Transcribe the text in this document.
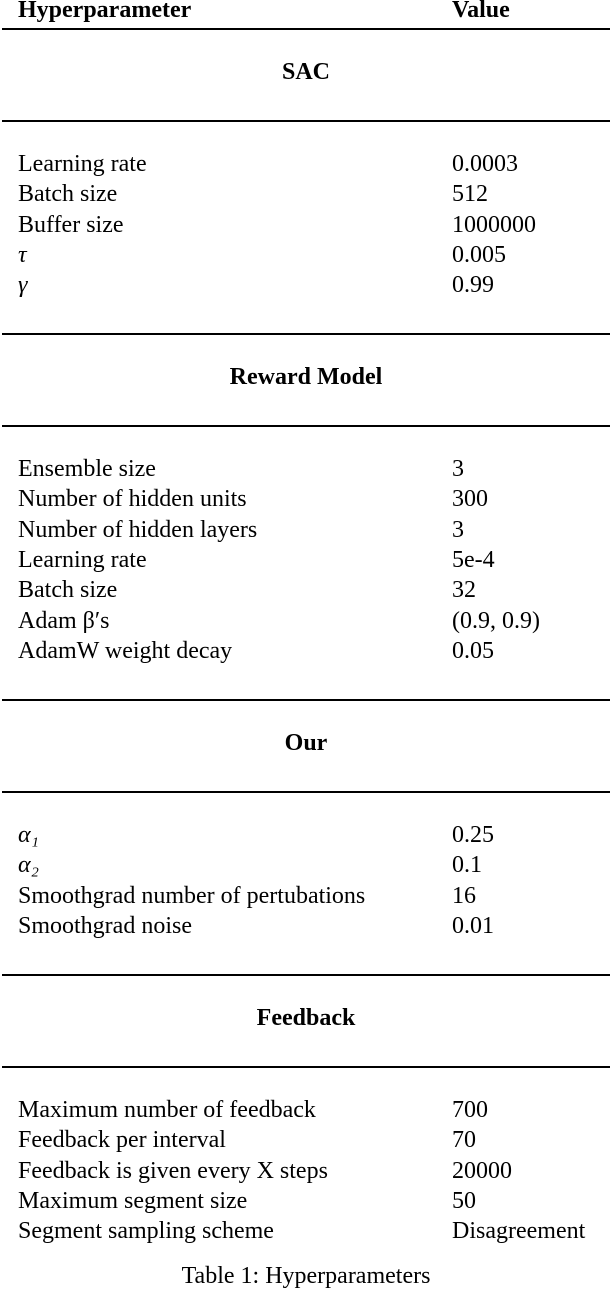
Hyperparameter	Value
SAC
Learning rate	0.0003
Batch size	512
Buffer size	1000000
τ	0.005
γ	0.99
Reward Model
Ensemble size	3
Number of hidden units	300
Number of hidden layers	3
Learning rate	5e-4
Batch size	32
Adam β′s	(0.9, 0.9)
AdamW weight decay	0.05
Our
α₁	0.25
α₂	0.1
Smoothgrad number of pertubations	16
Smoothgrad noise	0.01
Feedback
Maximum number of feedback	700
Feedback per interval	70
Feedback is given every X steps	20000
Maximum segment size	50
Segment sampling scheme	Disagreement
Table 1: Hyperparameters
